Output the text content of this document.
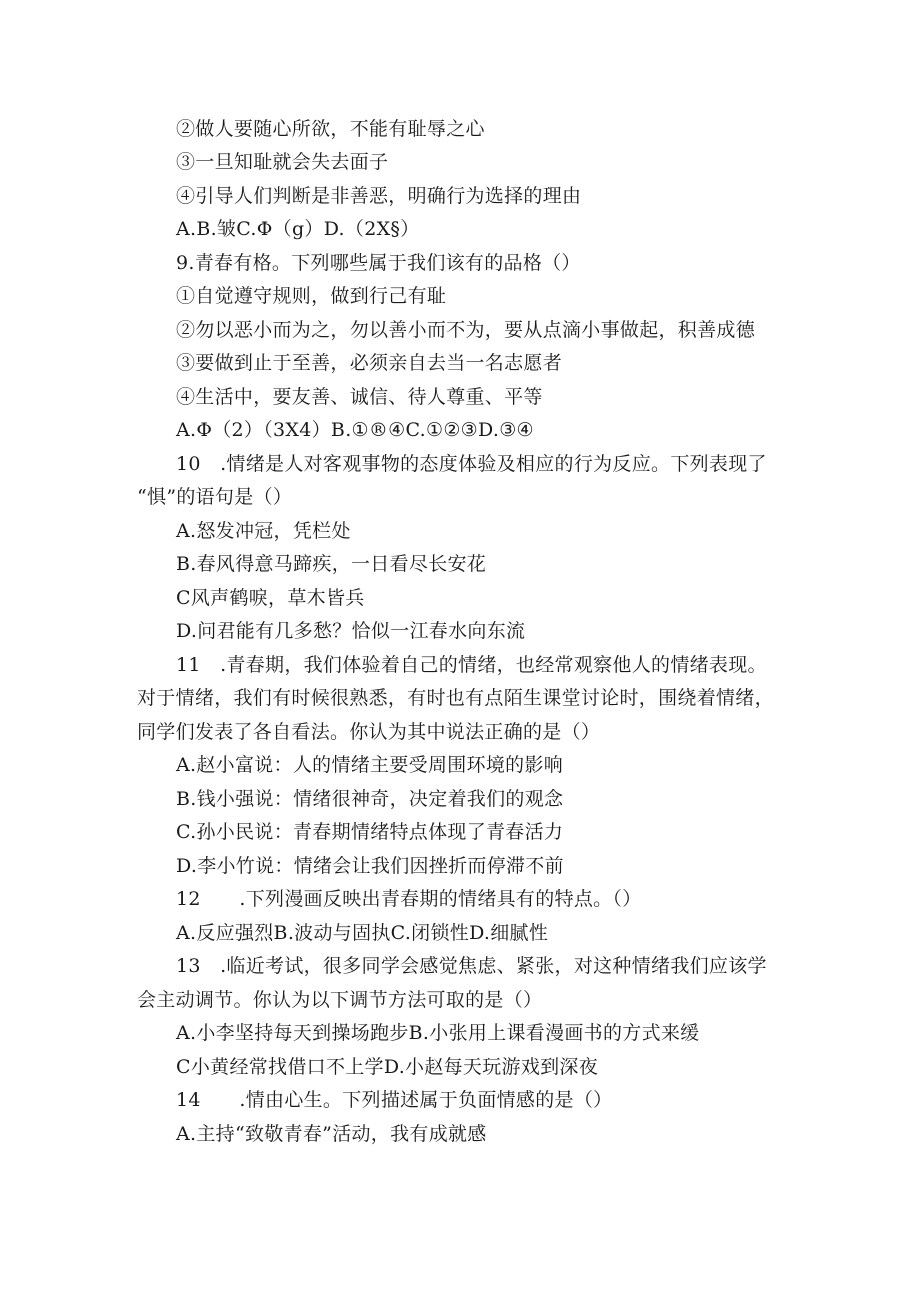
②做人要随心所欲，不能有耻辱之心
③一旦知耻就会失去面子
④引导人们判断是非善恶，明确行为选择的理由
A.B.皱C.Φ（g）D.（2X§）
9.青春有格。下列哪些属于我们该有的品格（）
①自觉遵守规则，做到行己有耻
②勿以恶小而为之，勿以善小而不为，要从点滴小事做起，积善成德
③要做到止于至善，必须亲自去当一名志愿者
④生活中，要友善、诚信、待人尊重、平等
A.Φ（2）（3X4）B.①®④C.①②③D.③④
10　.情绪是人对客观事物的态度体验及相应的行为反应。下列表现了
“惧”的语句是（）
A.怒发冲冠，凭栏处
B.春风得意马蹄疾，一日看尽长安花
C风声鹤唳，草木皆兵
D.问君能有几多愁？恰似一江春水向东流
11　.青春期，我们体验着自己的情绪，也经常观察他人的情绪表现。
对于情绪，我们有时候很熟悉，有时也有点陌生课堂讨论时，围绕着情绪，
同学们发表了各自看法。你认为其中说法正确的是（）
A.赵小富说：人的情绪主要受周围环境的影响
B.钱小强说：情绪很神奇，决定着我们的观念
C.孙小民说：青春期情绪特点体现了青春活力
D.李小竹说：情绪会让我们因挫折而停滞不前
12　　.下列漫画反映出青春期的情绪具有的特点。（）
A.反应强烈B.波动与固执C.闭锁性D.细腻性
13　.临近考试，很多同学会感觉焦虑、紧张，对这种情绪我们应该学
会主动调节。你认为以下调节方法可取的是（）
A.小李坚持每天到操场跑步B.小张用上课看漫画书的方式来缓
C小黄经常找借口不上学D.小赵每天玩游戏到深夜
14　　.情由心生。下列描述属于负面情感的是（）
A.主持“致敬青春”活动，我有成就感
